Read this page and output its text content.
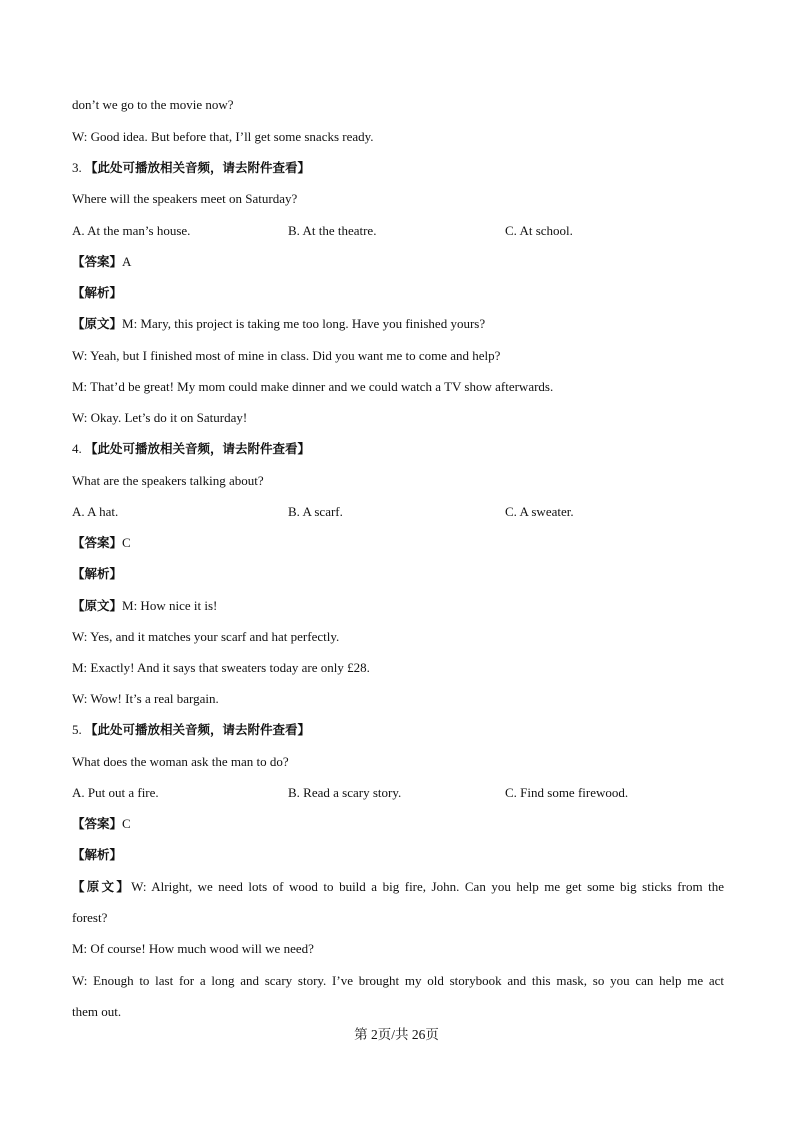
don’t we go to the movie now?
W: Good idea. But before that, I’ll get some snacks ready.
3. 【此处可播放相关音频，请去附件查看】
Where will the speakers meet on Saturday?
A. At the man’s house.	B. At the theatre.	C. At school.
【答案】A
【解析】
【原文】M: Mary, this project is taking me too long. Have you finished yours?
W: Yeah, but I finished most of mine in class. Did you want me to come and help?
M: That’d be great! My mom could make dinner and we could watch a TV show afterwards.
W: Okay. Let’s do it on Saturday!
4. 【此处可播放相关音频，请去附件查看】
What are the speakers talking about?
A. A hat.	B. A scarf.	C. A sweater.
【答案】C
【解析】
【原文】M: How nice it is!
W: Yes, and it matches your scarf and hat perfectly.
M: Exactly! And it says that sweaters today are only £28.
W: Wow! It’s a real bargain.
5. 【此处可播放相关音频，请去附件查看】
What does the woman ask the man to do?
A. Put out a fire.	B. Read a scary story.	C. Find some firewood.
【答案】C
【解析】
【原文】W: Alright, we need lots of wood to build a big fire, John. Can you help me get some big sticks from the
forest?
M: Of course! How much wood will we need?
W: Enough to last for a long and scary story. I’ve brought my old storybook and this mask, so you can help me act
them out.
第 2页/共 26页
